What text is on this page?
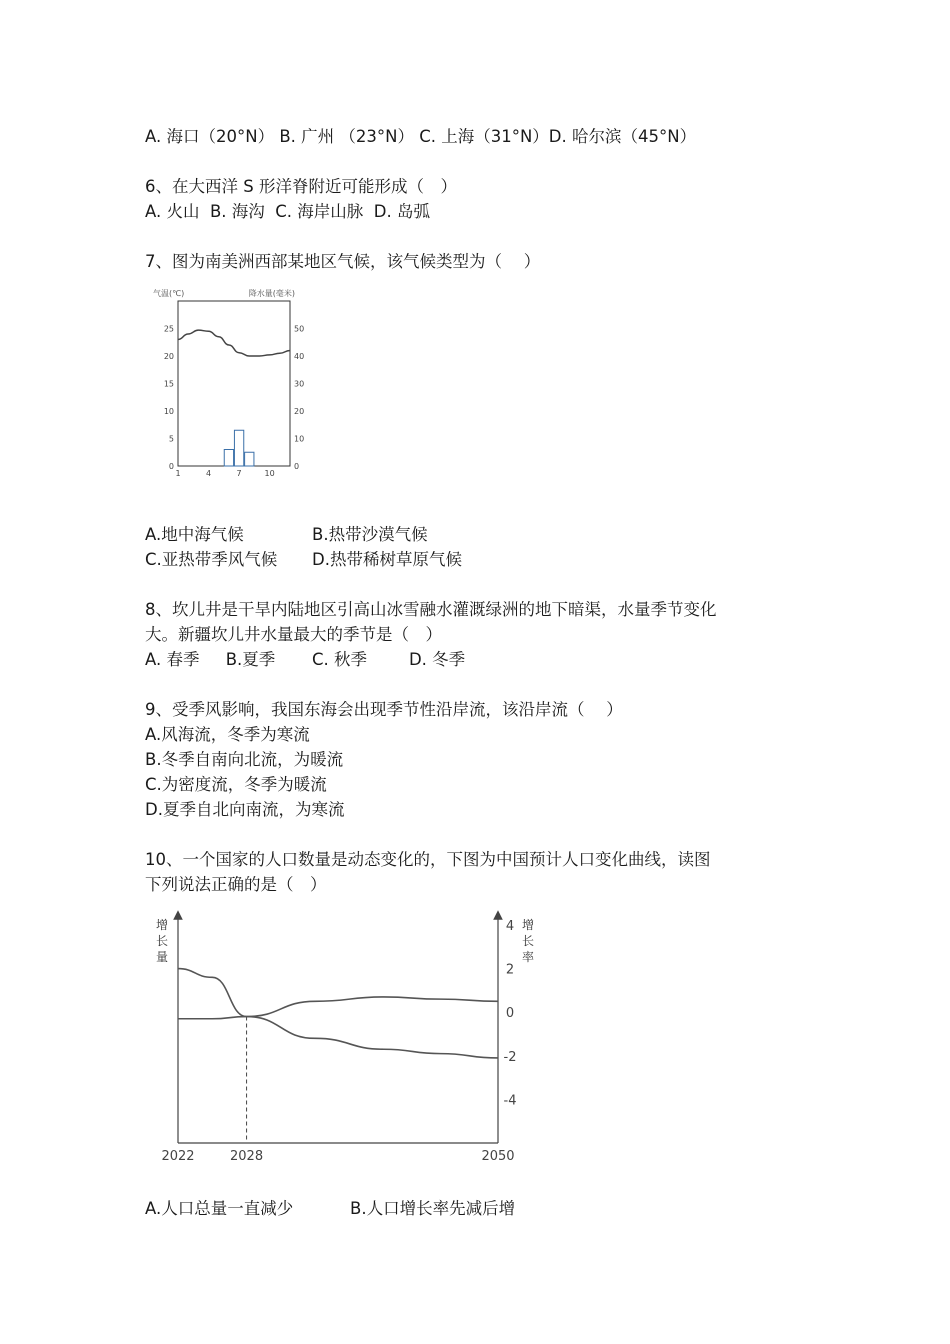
A. 海口（20°N） B. 广州 （23°N） C. 上海（31°N）D. 哈尔滨（45°N）
6、在大西洋 S 形洋脊附近可能形成（　）
A. 火山  B. 海沟  C. 海岸山脉  D. 岛弧
7、图为南美洲西部某地区气候，该气候类型为（　 ）
气温(℃)	降水量(毫米)
0
5
10
15
20
25
0
10
20
30
40
50
1	4	7	10
A.地中海气候	B.热带沙漠气候
C.亚热带季风气候 D.热带稀树草原气候
8、坎儿井是干旱内陆地区引高山冰雪融水灌溉绿洲的地下暗渠，水量季节变化
大。新疆坎儿井水量最大的季节是（　）
A. 春季     B.夏季       C. 秋季        D. 冬季
9、受季风影响，我国东海会出现季节性沿岸流，该沿岸流（　 ）
A.风海流，冬季为寒流
B.冬季自南向北流，为暖流
C.为密度流，冬季为暖流
D.夏季自北向南流，为寒流
10、一个国家的人口数量是动态变化的，下图为中国预计人口变化曲线，读图
下列说法正确的是（　）
增
长
量
增
长
率
4
2
0
-2
-4
2022	2028	2050
A.人口总量一直减少	B.人口增长率先减后增
